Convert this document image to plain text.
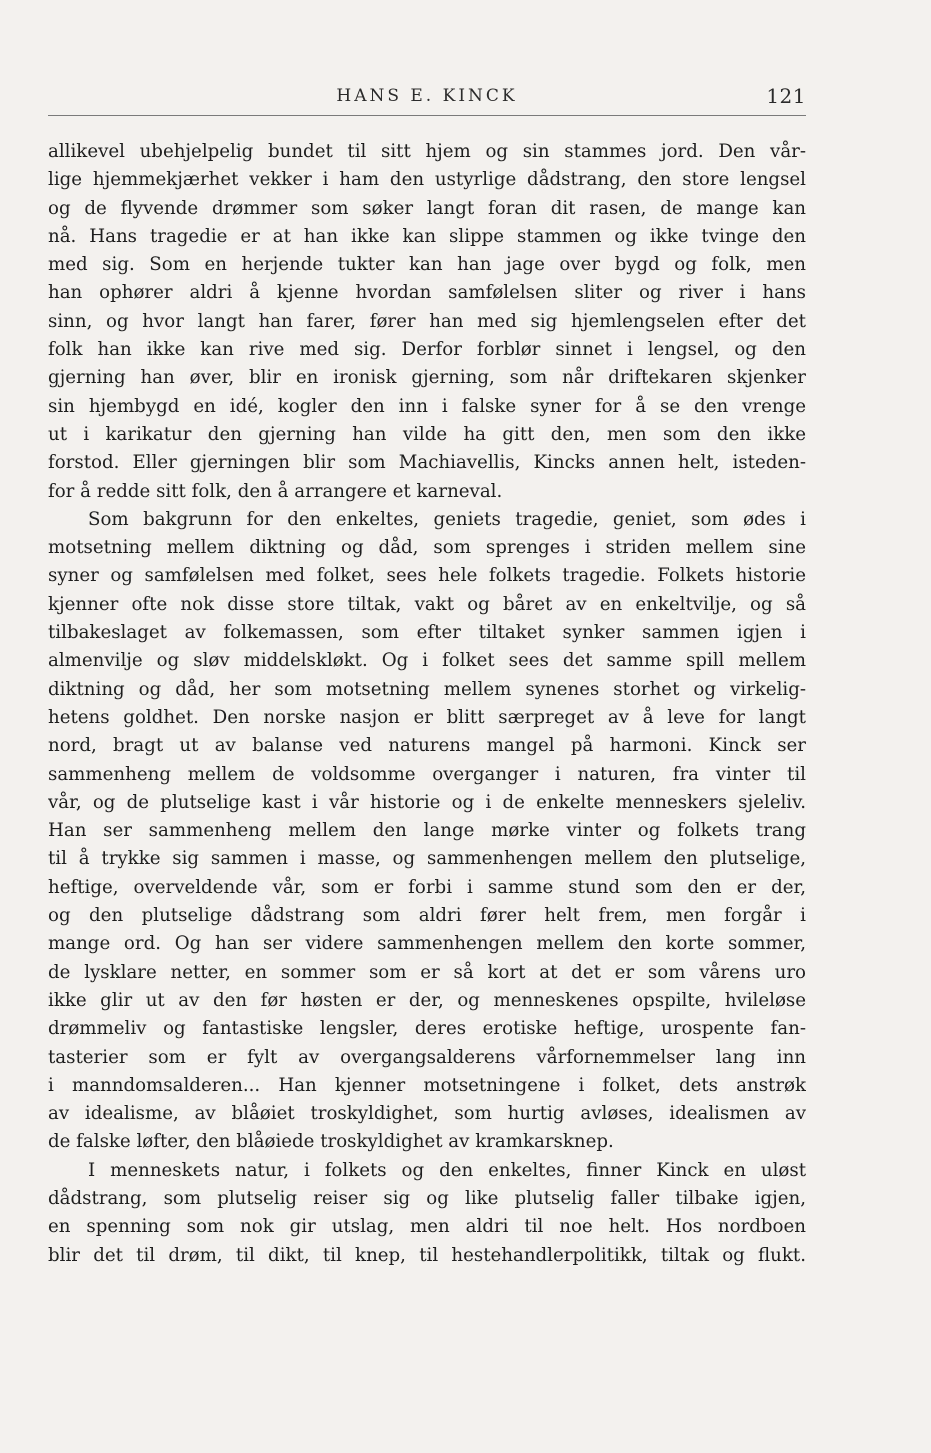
HANS E. KINCK	121
allikevel ubehjelpelig bundet til sitt hjem og sin stammes jord. Den vår-
lige hjemmekjærhet vekker i ham den ustyrlige dådstrang, den store lengsel
og de flyvende drømmer som søker langt foran dit rasen, de mange kan
nå. Hans tragedie er at han ikke kan slippe stammen og ikke tvinge den
med sig. Som en herjende tukter kan han jage over bygd og folk, men
han ophører aldri å kjenne hvordan samfølelsen sliter og river i hans
sinn, og hvor langt han farer, fører han med sig hjemlengselen efter det
folk han ikke kan rive med sig. Derfor forblør sinnet i lengsel, og den
gjerning han øver, blir en ironisk gjerning, som når driftekaren skjenker
sin hjembygd en idé, kogler den inn i falske syner for å se den vrenge
ut i karikatur den gjerning han vilde ha gitt den, men som den ikke
forstod. Eller gjerningen blir som Machiavellis, Kincks annen helt, isteden-
for å redde sitt folk, den å arrangere et karneval.
Som bakgrunn for den enkeltes, geniets tragedie, geniet, som ødes i
motsetning mellem diktning og dåd, som sprenges i striden mellem sine
syner og samfølelsen med folket, sees hele folkets tragedie. Folkets historie
kjenner ofte nok disse store tiltak, vakt og båret av en enkeltvilje, og så
tilbakeslaget av folkemassen, som efter tiltaket synker sammen igjen i
almenvilje og sløv middelskløkt. Og i folket sees det samme spill mellem
diktning og dåd, her som motsetning mellem synenes storhet og virkelig-
hetens goldhet. Den norske nasjon er blitt særpreget av å leve for langt
nord, bragt ut av balanse ved naturens mangel på harmoni. Kinck ser
sammenheng mellem de voldsomme overganger i naturen, fra vinter til
vår, og de plutselige kast i vår historie og i de enkelte menneskers sjeleliv.
Han ser sammenheng mellem den lange mørke vinter og folkets trang
til å trykke sig sammen i masse, og sammenhengen mellem den plutselige,
heftige, overveldende vår, som er forbi i samme stund som den er der,
og den plutselige dådstrang som aldri fører helt frem, men forgår i
mange ord. Og han ser videre sammenhengen mellem den korte sommer,
de lysklare netter, en sommer som er så kort at det er som vårens uro
ikke glir ut av den før høsten er der, og menneskenes opspilte, hvileløse
drømmeliv og fantastiske lengsler, deres erotiske heftige, urospente fan-
tasterier som er fylt av overgangsalderens vårfornemmelser lang inn
i manndomsalderen... Han kjenner motsetningene i folket, dets anstrøk
av idealisme, av blåøiet troskyldighet, som hurtig avløses, idealismen av
de falske løfter, den blåøiede troskyldighet av kramkarsknep.
I menneskets natur, i folkets og den enkeltes, finner Kinck en uløst
dådstrang, som plutselig reiser sig og like plutselig faller tilbake igjen,
en spenning som nok gir utslag, men aldri til noe helt. Hos nordboen
blir det til drøm, til dikt, til knep, til hestehandlerpolitikk, tiltak og flukt.
